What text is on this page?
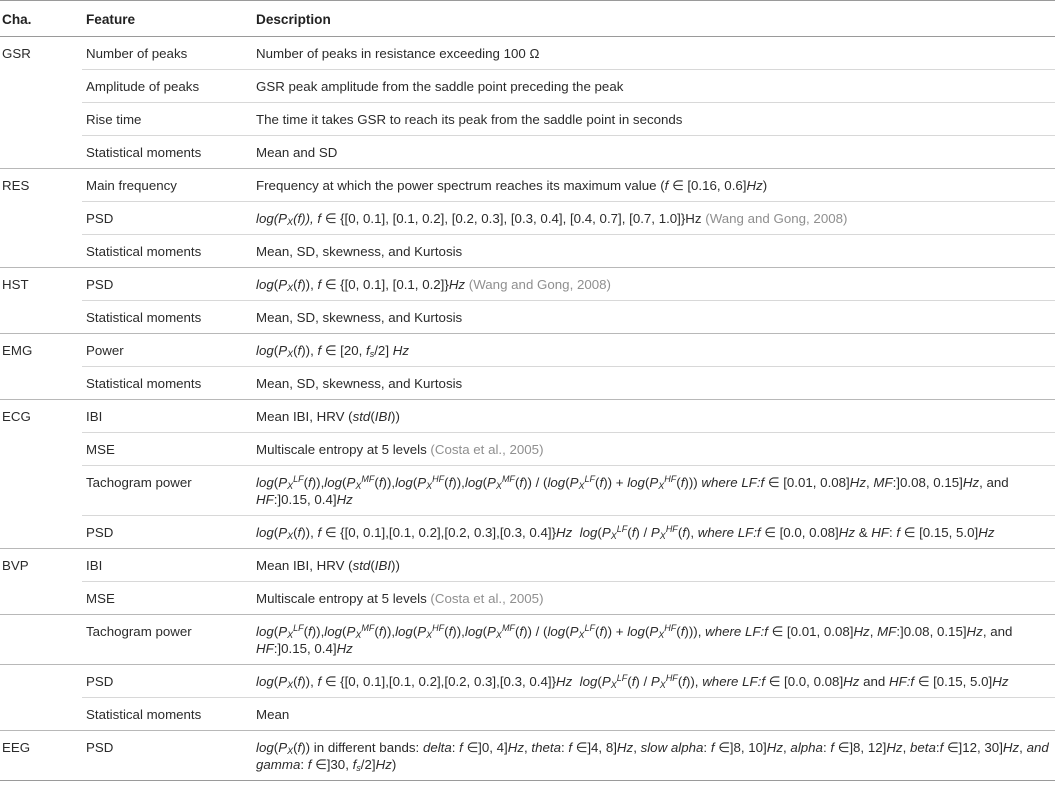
Cha.	Feature	Description
GSR	Number of peaks	Number of peaks in resistance exceeding 100 Ω
	Amplitude of peaks	GSR peak amplitude from the saddle point preceding the peak
	Rise time	The time it takes GSR to reach its peak from the saddle point in seconds
	Statistical moments	Mean and SD
RES	Main frequency	Frequency at which the power spectrum reaches its maximum value (f ∈ [0.16, 0.6]Hz)
	PSD	$\log(P_X(f))$, f ∈ {[0, 0.1], [0.1, 0.2], [0.2, 0.3], [0.3, 0.4], [0.4, 0.7], [0.7, 1.0]}Hz (Wang and Gong, 2008)
	Statistical moments	Mean, SD, skewness, and Kurtosis
HST	PSD	$\log(P_X(f))$, f ∈ {[0, 0.1], [0.1, 0.2]}Hz (Wang and Gong, 2008)
	Statistical moments	Mean, SD, skewness, and Kurtosis
EMG	Power	$\log(P_X(f))$, f ∈ [20, $f_s/2$] Hz
	Statistical moments	Mean, SD, skewness, and Kurtosis
ECG	IBI	Mean IBI, HRV (std(IBI))
	MSE	Multiscale entropy at 5 levels (Costa et al., 2005)
	Tachogram power	$\log(P_X^{LF}(f)),\log(P_X^{MF}(f)),\log(P_X^{HF}(f)),\log(P_X^{MF}(f)) / (\log(P_X^{LF}(f)) + \log(P_X^{HF}(f)))$ where LF:f ∈ [0.01, 0.08]Hz, MF:]0.08, 0.15]Hz, and HF:]0.15, 0.4]Hz
	PSD	$\log(P_X(f))$, f ∈ {[0, 0.1],[0.1, 0.2],[0.2, 0.3],[0.3, 0.4]}Hz $\log(P_X^{LF}(f) / P_X^{HF}(f)$, where LF:f ∈ [0.0, 0.08]Hz & HF: f ∈ [0.15, 5.0]Hz
BVP	IBI	Mean IBI, HRV (std(IBI))
	MSE	Multiscale entropy at 5 levels (Costa et al., 2005)
	Tachogram power	$\log(P_X^{LF}(f)),\log(P_X^{MF}(f)),\log(P_X^{HF}(f)),\log(P_X^{MF}(f)) / (\log(P_X^{LF}(f)) + \log(P_X^{HF}(f)))$, where LF:f ∈ [0.01, 0.08]Hz, MF:]0.08, 0.15]Hz, and HF:]0.15, 0.4]Hz
	PSD	$\log(P_X(f))$, f ∈ {[0, 0.1],[0.1, 0.2],[0.2, 0.3],[0.3, 0.4]}Hz $\log(P_X^{LF}(f) / P_X^{HF}(f))$, where LF:f ∈ [0.0, 0.08]Hz and HF:f ∈ [0.15, 5.0]Hz
	Statistical moments	Mean
EEG	PSD	$\log(P_X(f))$ in different bands: delta: f ∈]0, 4]Hz, theta: f ∈]4, 8]Hz, slow alpha: f ∈]8, 10]Hz, alpha: f ∈]8, 12]Hz, beta:f ∈]12, 30]Hz, and gamma: f ∈]30, $f_s/2]Hz$)
